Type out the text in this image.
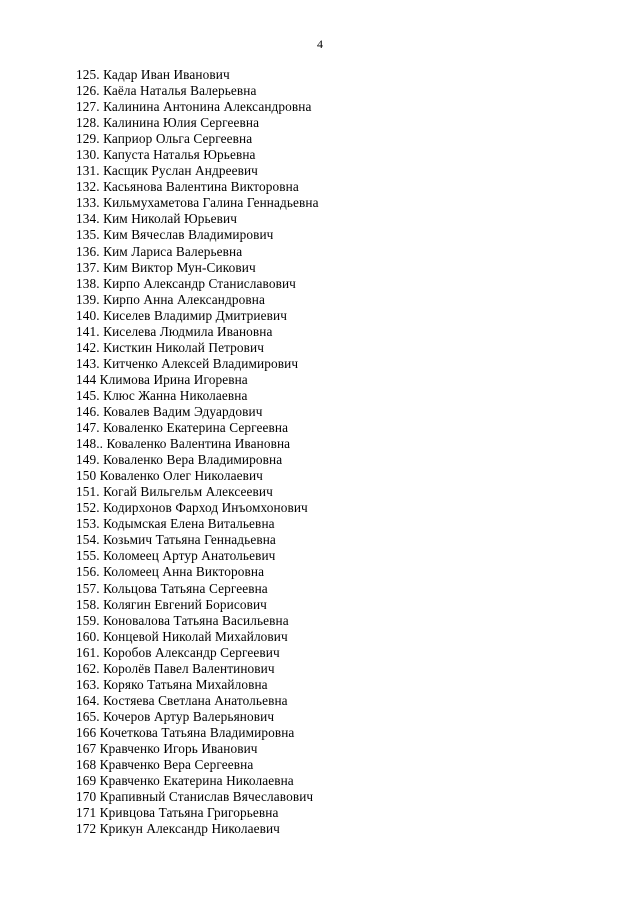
4
125. Кадар Иван Иванович
126. Каёла Наталья Валерьевна
127. Калинина Антонина Александровна
128. Калинина Юлия Сергеевна
129. Каприор Ольга Сергеевна
130. Капуста Наталья Юрьевна
131. Касщик Руслан Андреевич
132. Касьянова Валентина Викторовна
133. Кильмухаметова Галина Геннадьевна
134. Ким Николай Юрьевич
135. Ким Вячеслав Владимирович
136. Ким Лариса Валерьевна
137. Ким Виктор Мун-Сикович
138. Кирпо Александр Станиславович
139. Кирпо Анна Александровна
140. Киселев Владимир Дмитриевич
141. Киселева Людмила Ивановна
142. Кисткин Николай Петрович
143. Китченко Алексей Владимирович
144 Климова Ирина Игоревна
145. Клюс Жанна Николаевна
146. Ковалев Вадим Эдуардович
147. Коваленко Екатерина Сергеевна
148.. Коваленко Валентина Ивановна
149. Коваленко Вера Владимировна
150 Коваленко Олег Николаевич
151. Когай Вильгельм Алексеевич
152. Кодирхонов Фарход Инъомхонович
153. Кодымская Елена Витальевна
154. Козьмич Татьяна Геннадьевна
155. Коломеец Артур Анатольевич
156. Коломеец Анна Викторовна
157. Кольцова Татьяна Сергеевна
158. Колягин Евгений Борисович
159. Коновалова Татьяна Васильевна
160. Концевой Николай Михайлович
161. Коробов Александр Сергеевич
162. Королёв Павел Валентинович
163. Коряко Татьяна Михайловна
164. Костяева Светлана Анатольевна
165. Кочеров Артур Валерьянович
166 Кочеткова Татьяна Владимировна
167 Кравченко Игорь Иванович
168 Кравченко Вера Сергеевна
169 Кравченко Екатерина Николаевна
170 Крапивный Станислав Вячеславович
171 Кривцова Татьяна Григорьевна
172 Крикун Александр Николаевич
